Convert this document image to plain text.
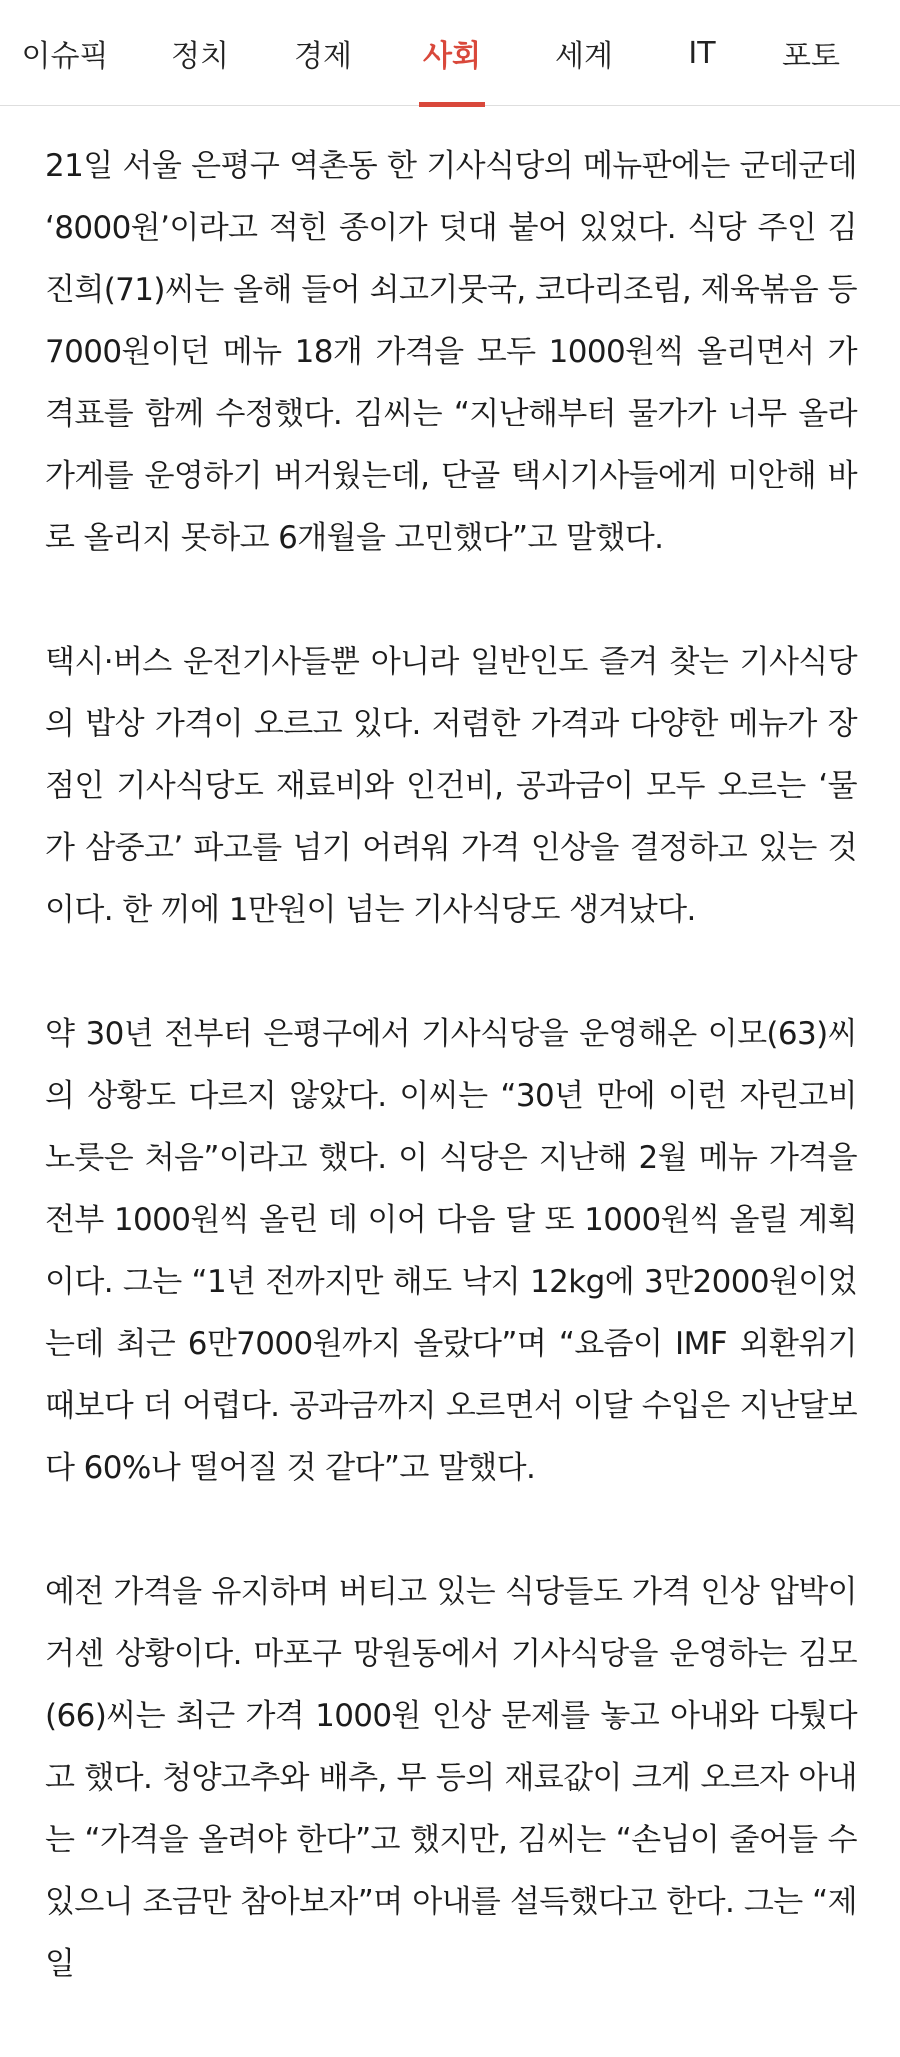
이슈픽 정치 경제 사회 세계	IT 포토

21일 서울 은평구 역촌동 한 기사식당의 메뉴판에는 군데군데 ‘8000원’이라고 적힌 종이가 덧대 붙어 있었다. 식당 주인 김진희(71)씨는 올해 들어 쇠고기뭇국, 코다리조림, 제육볶음 등 7000원이던 메뉴 18개 가격을 모두 1000원씩 올리면서 가격표를 함께 수정했다. 김씨는 “지난해부터 물가가 너무 올라 가게를 운영하기 버거웠는데, 단골 택시기사들에게 미안해 바로 올리지 못하고 6개월을 고민했다”고 말했다.

택시·버스 운전기사들뿐 아니라 일반인도 즐겨 찾는 기사식당의 밥상 가격이 오르고 있다. 저렴한 가격과 다양한 메뉴가 장점인 기사식당도 재료비와 인건비, 공과금이 모두 오르는 ‘물가 삼중고’ 파고를 넘기 어려워 가격 인상을 결정하고 있는 것이다. 한 끼에 1만원이 넘는 기사식당도 생겨났다.

약 30년 전부터 은평구에서 기사식당을 운영해온 이모(63)씨의 상황도 다르지 않았다. 이씨는 “30년 만에 이런 자린고비 노릇은 처음”이라고 했다. 이 식당은 지난해 2월 메뉴 가격을 전부 1000원씩 올린 데 이어 다음 달 또 1000원씩 올릴 계획이다. 그는 “1년 전까지만 해도 낙지 12kg에 3만2000원이었는데 최근 6만7000원까지 올랐다”며 “요즘이 IMF 외환위기 때보다 더 어렵다. 공과금까지 오르면서 이달 수입은 지난달보다 60%나 떨어질 것 같다”고 말했다.

예전 가격을 유지하며 버티고 있는 식당들도 가격 인상 압박이 거센 상황이다. 마포구 망원동에서 기사식당을 운영하는 김모(66)씨는 최근 가격 1000원 인상 문제를 놓고 아내와 다퉜다고 했다. 청양고추와 배추, 무 등의 재료값이 크게 오르자 아내는 “가격을 올려야 한다”고 했지만, 김씨는 “손님이 줄어들 수 있으니 조금만 참아보자”며 아내를 설득했다고 한다. 그는 “제일
